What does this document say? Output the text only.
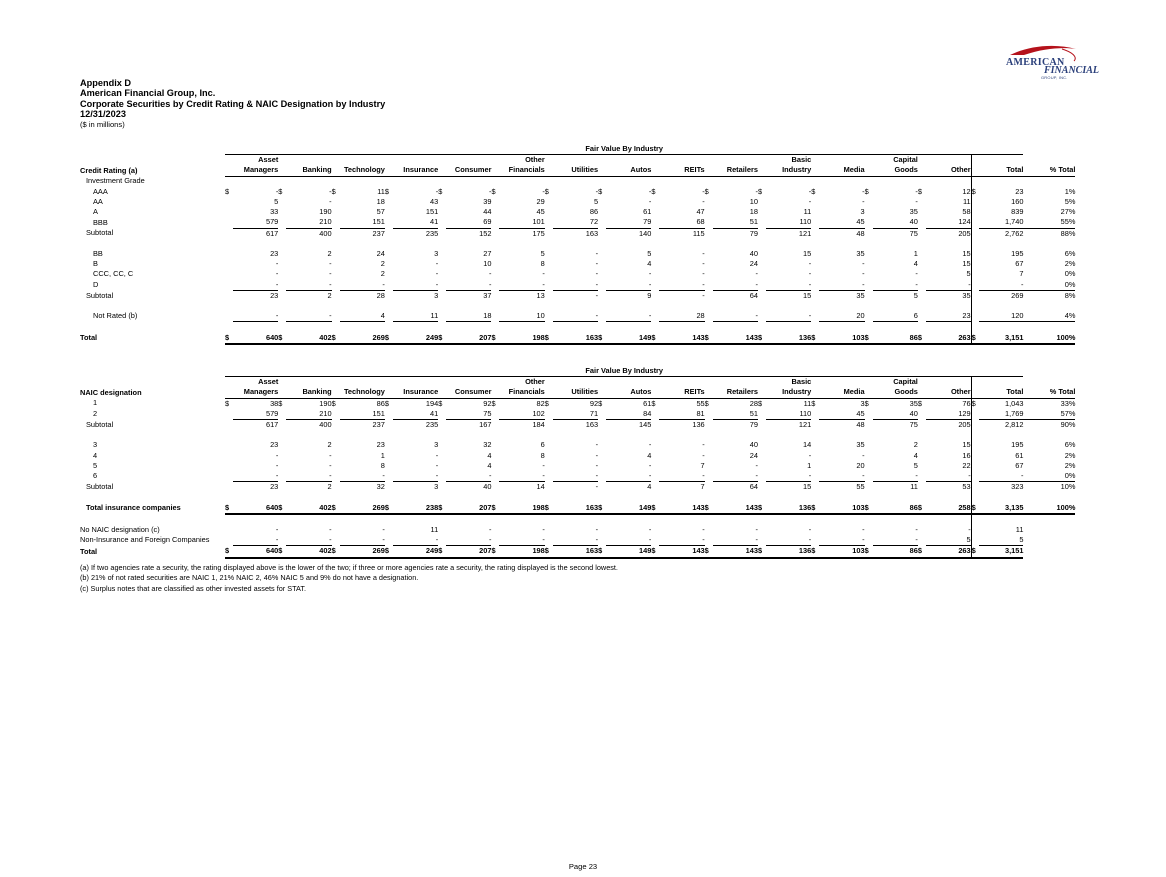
AMERICAN
FINANCIAL
GROUP, INC.
Appendix D
American Financial Group, Inc.
Corporate Securities by Credit Rating & NAIC Designation by Industry
12/31/2023
($ in millions)
	Fair Value By Industry																														
		Asset										Other										Basic				Capital					
Credit Rating (a)		Managers		Banking		Technology		Insurance		Consumer		Financials		Utilities		Autos		REITs		Retailers		Industry		Media		Goods		Other		Total	% Total
Investment Grade																															
AAA	$	-	$	-	$	11	$	-	$	-	$	-	$	-	$	-	$	-	$	-	$	-	$	-	$	-	$	12	$	23	1%
AA		5		-		18		43		39		29		5		-		-		10		-		-		-		11		160	5%
A		33		190		57		151		44		45		86		61		47		18		11		3		35		58		839	27%
BBB		579		210		151		41		69		101		72		79		68		51		110		45		40		124		1,740	55%
Subtotal		617		400		237		235		152		175		163		140		115		79		121		48		75		205		2,762	88%

BB		23		2		24		3		27		5		-		5		-		40		15		35		1		15		195	6%
B		-		-		2		-		10		8		-		4		-		24		-		-		4		15		67	2%
CCC, CC, C		-		-		2		-		-		-		-		-		-		-		-		-		-		5		7	0%
D		-		-		-		-		-		-		-		-		-		-		-		-		-		-		-	0%
Subtotal		23		2		28		3		37		13		-		9		-		64		15		35		5		35		269	8%

Not Rated (b)		-		-		4		11		18		10		-		-		28		-		-		20		6		23		120	4%

Total	$	640	$	402	$	269	$	249	$	207	$	198	$	163	$	149	$	143	$	143	$	136	$	103	$	86	$	263	$	3,151	100%
	Fair Value By Industry																														
		Asset										Other										Basic				Capital					
NAIC designation		Managers		Banking		Technology		Insurance		Consumer		Financials		Utilities		Autos		REITs		Retailers		Industry		Media		Goods		Other		Total	% Total
1	$	38	$	190	$	86	$	194	$	92	$	82	$	92	$	61	$	55	$	28	$	11	$	3	$	35	$	76	$	1,043	33%
2		579		210		151		41		75		102		71		84		81		51		110		45		40		129		1,769	57%
Subtotal		617		400		237		235		167		184		163		145		136		79		121		48		75		205		2,812	90%

3		23		2		23		3		32		6		-		-		-		40		14		35		2		15		195	6%
4		-		-		1		-		4		8		-		4		-		24		-		-		4		16		61	2%
5		-		-		8		-		4		-		-		-		7		-		1		20		5		22		67	2%
6		-		-		-		-		-		-		-		-		-		-		-		-		-		-		-	0%
Subtotal		23		2		32		3		40		14		-		4		7		64		15		55		11		53		323	10%

Total insurance companies	$	640	$	402	$	269	$	238	$	207	$	198	$	163	$	149	$	143	$	143	$	136	$	103	$	86	$	258	$	3,135	100%

No NAIC designation (c)		-		-		-		11		-		-		-		-		-		-		-		-		-		-		11	
Non-Insurance and Foreign Companies		-		-		-		-		-		-		-		-		-		-		-		-		-		5		5	
Total	$	640	$	402	$	269	$	249	$	207	$	198	$	163	$	149	$	143	$	143	$	136	$	103	$	86	$	263	$	3,151	
(a) If two agencies rate a security, the rating displayed above is the lower of the two; if three or more agencies rate a security, the rating displayed is the second lowest.
(b) 21% of not rated securities are NAIC 1, 21% NAIC 2, 46% NAIC 5 and 9% do not have a designation.
(c) Surplus notes that are classified as other invested assets for STAT.
Page 23
